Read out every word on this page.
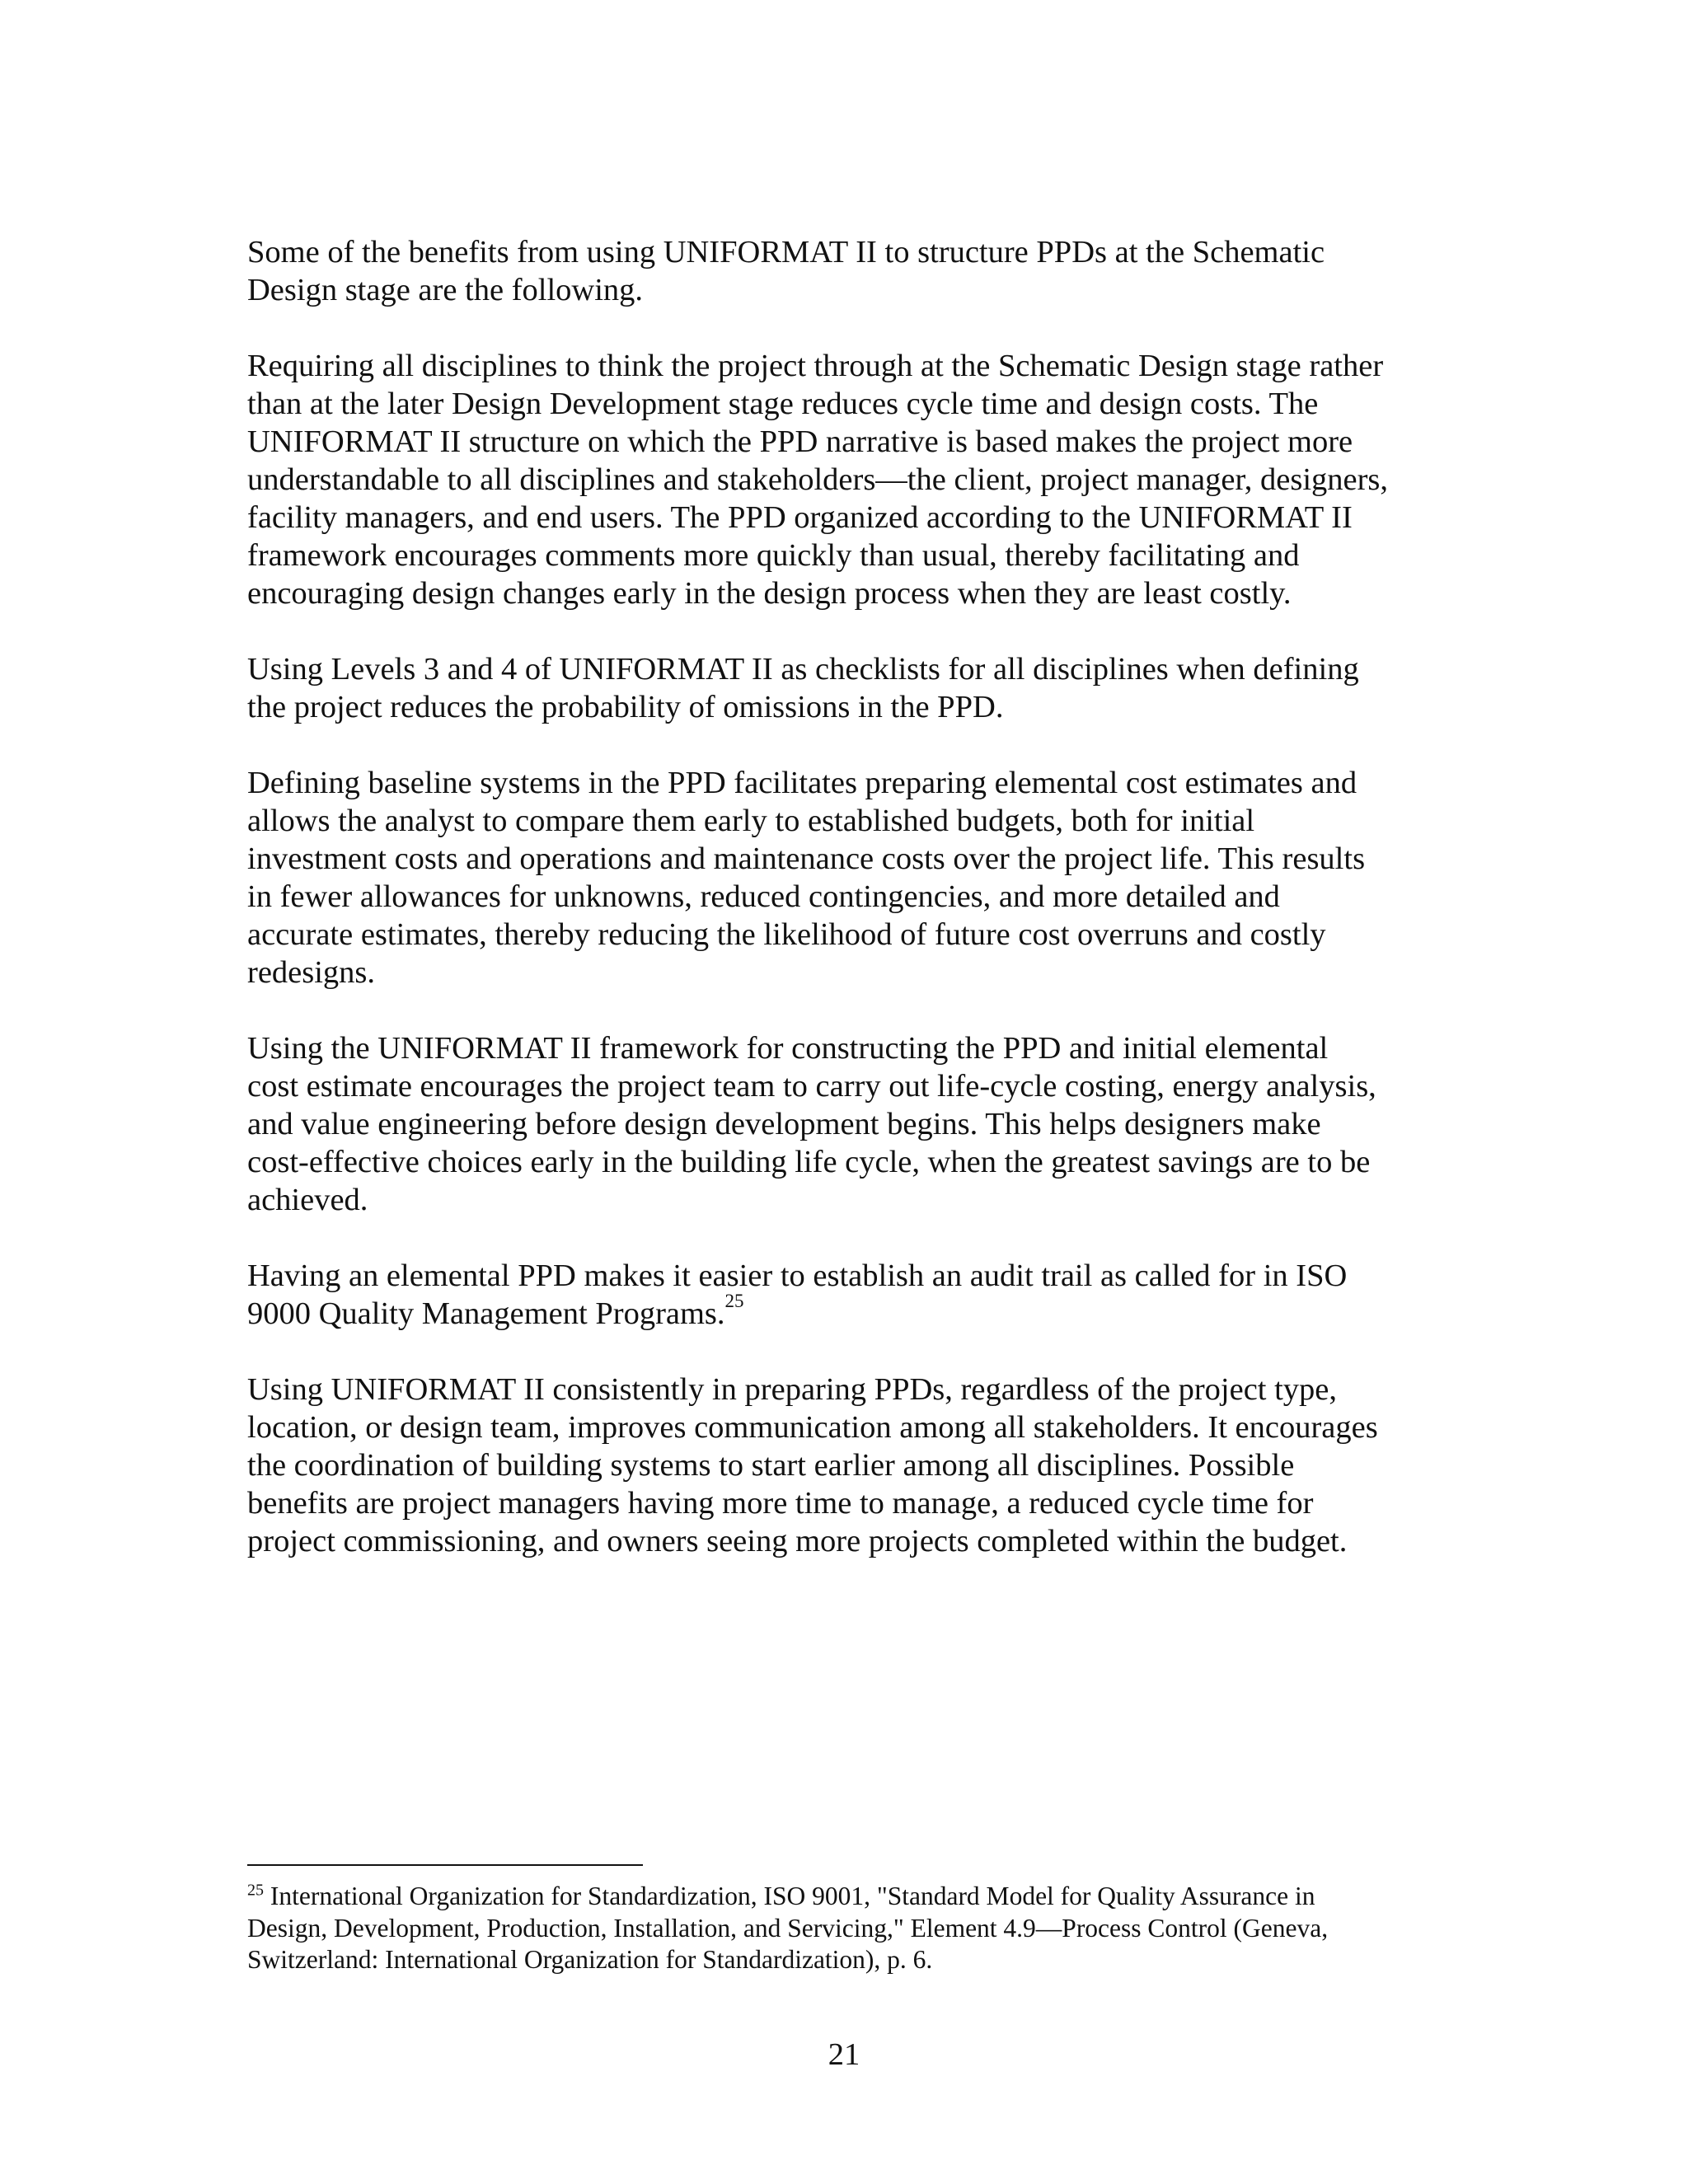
Some of the benefits from using UNIFORMAT II to structure PPDs at the Schematic
Design stage are the following.

Requiring all disciplines to think the project through at the Schematic Design stage rather
than at the later Design Development stage reduces cycle time and design costs. The
UNIFORMAT II structure on which the PPD narrative is based makes the project more
understandable to all disciplines and stakeholders—the client, project manager, designers,
facility managers, and end users. The PPD organized according to the UNIFORMAT II
framework encourages comments more quickly than usual, thereby facilitating and
encouraging design changes early in the design process when they are least costly.

Using Levels 3 and 4 of UNIFORMAT II as checklists for all disciplines when defining
the project reduces the probability of omissions in the PPD.

Defining baseline systems in the PPD facilitates preparing elemental cost estimates and
allows the analyst to compare them early to established budgets, both for initial
investment costs and operations and maintenance costs over the project life. This results
in fewer allowances for unknowns, reduced contingencies, and more detailed and
accurate estimates, thereby reducing the likelihood of future cost overruns and costly
redesigns.

Using the UNIFORMAT II framework for constructing the PPD and initial elemental
cost estimate encourages the project team to carry out life-cycle costing, energy analysis,
and value engineering before design development begins. This helps designers make
cost-effective choices early in the building life cycle, when the greatest savings are to be
achieved.

Having an elemental PPD makes it easier to establish an audit trail as called for in ISO
9000 Quality Management Programs.$^{25}$

Using UNIFORMAT II consistently in preparing PPDs, regardless of the project type,
location, or design team, improves communication among all stakeholders. It encourages
the coordination of building systems to start earlier among all disciplines. Possible
benefits are project managers having more time to manage, a reduced cycle time for
project commissioning, and owners seeing more projects completed within the budget.

$^{25}$ International Organization for Standardization, ISO 9001, "Standard Model for Quality Assurance in
Design, Development, Production, Installation, and Servicing," Element 4.9—Process Control (Geneva,
Switzerland: International Organization for Standardization), p. 6.
21
